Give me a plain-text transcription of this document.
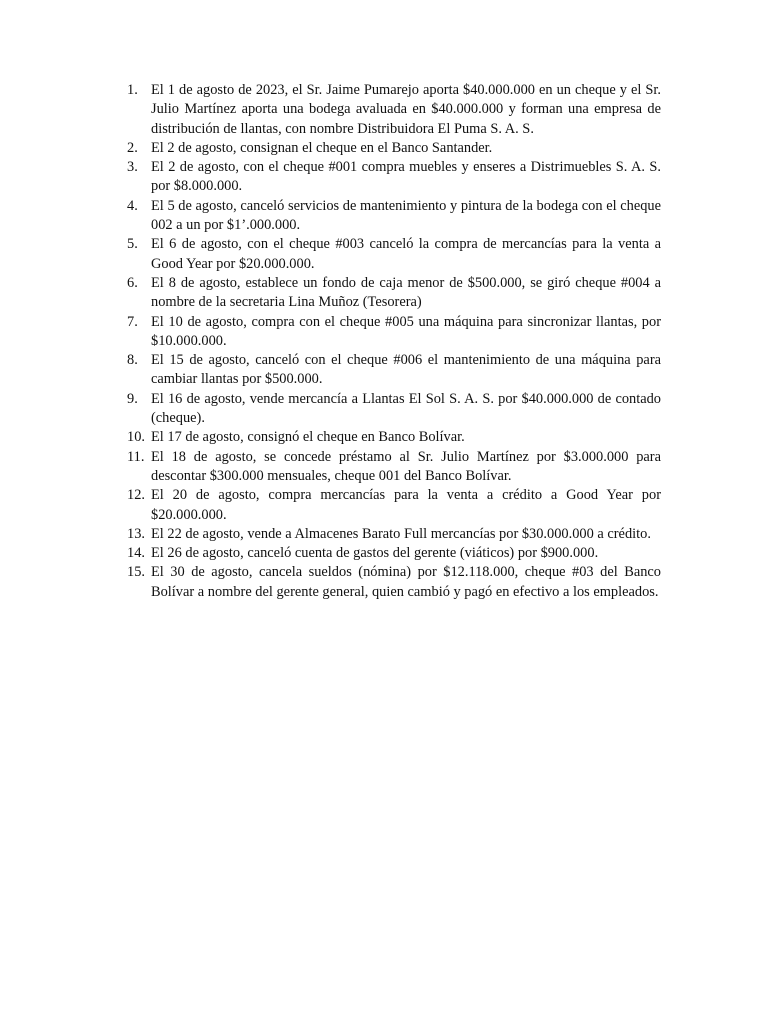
1. El 1 de agosto de 2023, el Sr. Jaime Pumarejo aporta $40.000.000 en un cheque y el Sr. Julio Martínez aporta una bodega avaluada en $40.000.000 y forman una empresa de distribución de llantas, con nombre Distribuidora El Puma S. A. S.
2. El 2 de agosto, consignan el cheque en el Banco Santander.
3. El 2 de agosto, con el cheque #001 compra muebles y enseres a Distrimuebles S. A. S. por $8.000.000.
4. El 5 de agosto, canceló servicios de mantenimiento y pintura de la bodega con el cheque 002 a un por $1’.000.000.
5. El 6 de agosto, con el cheque #003 canceló la compra de mercancías para la venta a Good Year por $20.000.000.
6. El 8 de agosto, establece un fondo de caja menor de $500.000, se giró cheque #004 a nombre de la secretaria Lina Muñoz (Tesorera)
7. El 10 de agosto, compra con el cheque #005 una máquina para sincronizar llantas, por $10.000.000.
8. El 15 de agosto, canceló con el cheque #006 el mantenimiento de una máquina para cambiar llantas por $500.000.
9. El 16 de agosto, vende mercancía a Llantas El Sol S. A. S. por $40.000.000 de contado (cheque).
10. El 17 de agosto, consignó el cheque en Banco Bolívar.
11. El 18 de agosto, se concede préstamo al Sr. Julio Martínez por $3.000.000 para descontar $300.000 mensuales, cheque 001 del Banco Bolívar.
12. El 20 de agosto, compra mercancías para la venta a crédito a Good Year por $20.000.000.
13. El 22 de agosto, vende a Almacenes Barato Full mercancías por $30.000.000 a crédito.
14. El 26 de agosto, canceló cuenta de gastos del gerente (viáticos) por $900.000.
15. El 30 de agosto, cancela sueldos (nómina) por $12.118.000, cheque #03 del Banco Bolívar a nombre del gerente general, quien cambió y pagó en efectivo a los empleados.
